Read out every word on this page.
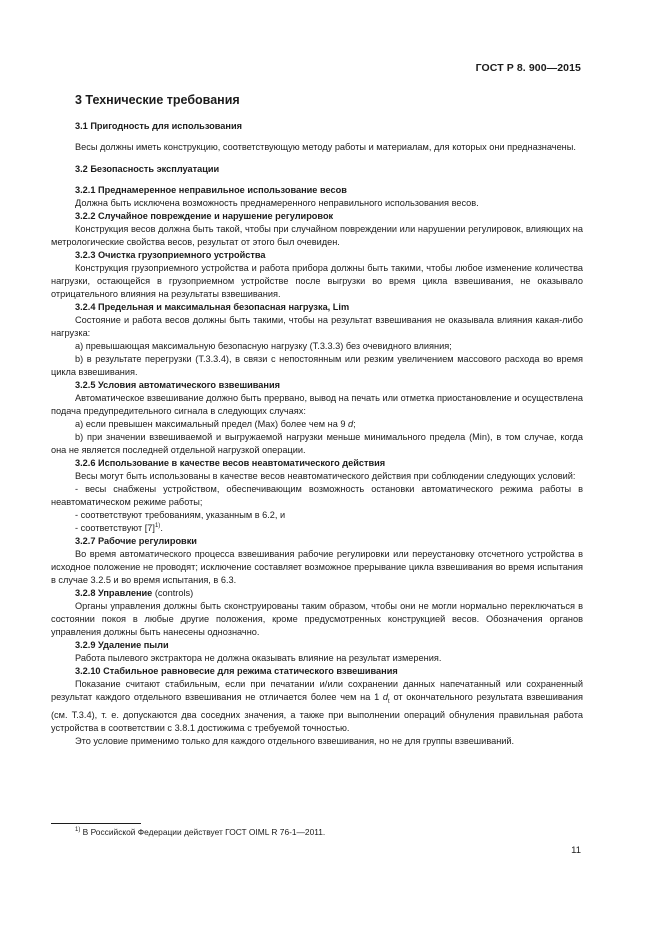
ГОСТ Р 8. 900—2015
3 Технические требования
3.1 Пригодность для использования

Весы должны иметь конструкцию, соответствующую методу работы и материалам, для которых они предназначены.

3.2 Безопасность эксплуатации
3.2.1 Преднамеренное неправильное использование весов

Должна быть исключена возможность преднамеренного неправильного использования весов.

3.2.2 Случайное повреждение и нарушение регулировок

Конструкция весов должна быть такой, чтобы при случайном повреждении или нарушении регулировок, влияющих на метрологические свойства весов, результат от этого был очевиден.

3.2.3 Очистка грузоприемного устройства

Конструкция грузоприемного устройства и работа прибора должны быть такими, чтобы любое изменение количества нагрузки, остающейся в грузоприемном устройстве после выгрузки во время цикла взвешивания, не оказывало отрицательного влияния на результаты взвешивания.

3.2.4 Предельная и максимальная безопасная нагрузка, Lim

Состояние и работа весов должны быть такими, чтобы на результат взвешивания не оказывала влияния какая-либо нагрузка:

а) превышающая максимальную безопасную нагрузку (Т.3.3.3) без очевидного влияния;

b) в результате перегрузки (Т.3.3.4), в связи с непостоянным или резким увеличением массового расхода во время цикла взвешивания.

3.2.5 Условия автоматического взвешивания

Автоматическое взвешивание должно быть прервано, вывод на печать или отметка приостановление и осуществлена подача предупредительного сигнала в следующих случаях:

а) если превышен максимальный предел (Max) более чем на 9 d;

b) при значении взвешиваемой и выгружаемой нагрузки меньше минимального предела (Min), в том случае, когда она не является последней отдельной нагрузкой операции.

3.2.6 Использование в качестве весов неавтоматического действия

Весы могут быть использованы в качестве весов неавтоматического действия при соблюдении следующих условий:

- весы снабжены устройством, обеспечивающим возможность остановки автоматического режима работы в неавтоматическом режиме работы;

- соответствуют требованиям, указанным в 6.2, и

- соответствуют $[7]^{1)}$.

3.2.7 Рабочие регулировки

Во время автоматического процесса взвешивания рабочие регулировки или переустановку отсчетного устройства в исходное положение не проводят; исключение составляет возможное прерывание цикла взвешивания во время испытания в случае 3.2.5 и во время испытания, в 6.3.

3.2.8 Управление (controls)

Органы управления должны быть сконструированы таким образом, чтобы они не могли нормально переключаться в состоянии покоя в любые другие положения, кроме предусмотренных конструкцией весов. Обозначения органов управления должны быть нанесены однозначно.

3.2.9 Удаление пыли

Работа пылевого экстрактора не должна оказывать влияние на результат измерения.

3.2.10 Стабильное равновесие для режима статического взвешивания

Показание считают стабильным, если при печатании и/или сохранении данных напечатанный или сохраненный результат каждого отдельного взвешивания не отличается более чем на 1 $d_t$ от окончательного результата взвешивания (см. Т.3.4), т. е. допускаются два соседних значения, а также при выполнении операций обнуления правильная работа устройства в соответствии с 3.8.1 достижима с требуемой точностью.

Это условие применимо только для каждого отдельного взвешивания, но не для группы взвешиваний.

$^{1)}$ В Российской Федерации действует ГОСТ OIML R 76-1—2011.
11
